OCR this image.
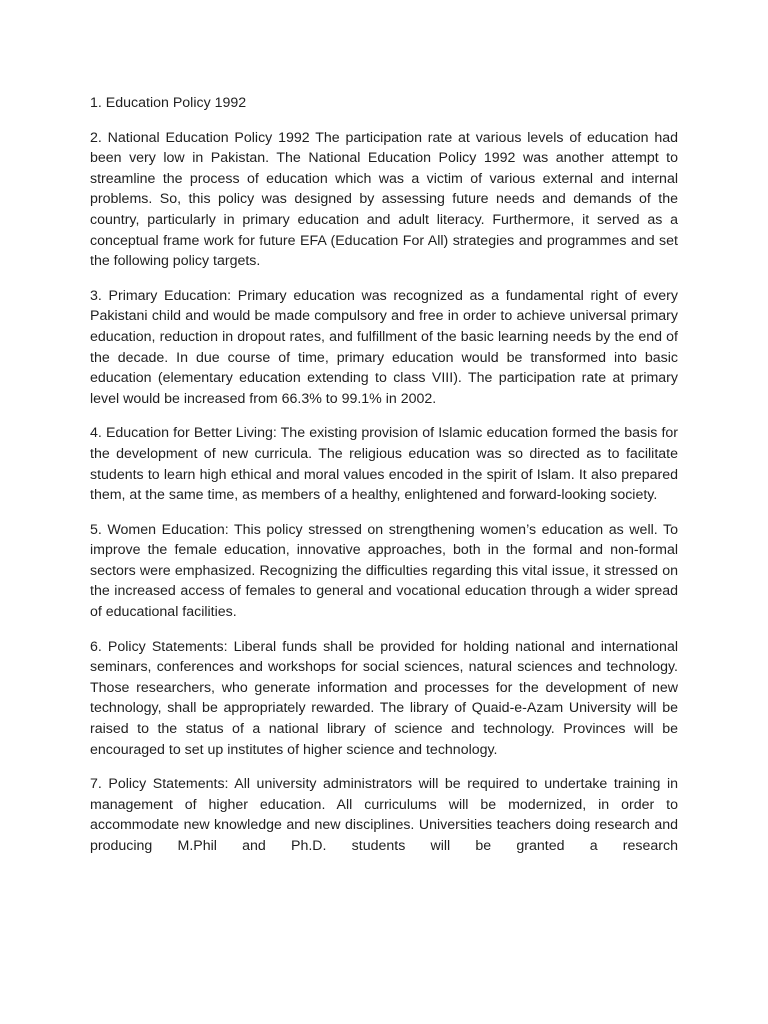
1. Education Policy 1992

2. National Education Policy 1992 The participation rate at various levels of education had been very low in Pakistan. The National Education Policy 1992 was another attempt to streamline the process of education which was a victim of various external and internal problems. So, this policy was designed by assessing future needs and demands of the country, particularly in primary education and adult literacy. Furthermore, it served as a conceptual frame work for future EFA (Education For All) strategies and programmes and set the following policy targets.

3. Primary Education: Primary education was recognized as a fundamental right of every Pakistani child and would be made compulsory and free in order to achieve universal primary education, reduction in dropout rates, and fulfillment of the basic learning needs by the end of the decade. In due course of time, primary education would be transformed into basic education (elementary education extending to class VIII). The participation rate at primary level would be increased from 66.3% to 99.1% in 2002.

4. Education for Better Living: The existing provision of Islamic education formed the basis for the development of new curricula. The religious education was so directed as to facilitate students to learn high ethical and moral values encoded in the spirit of Islam. It also prepared them, at the same time, as members of a healthy, enlightened and forward-looking society.

5. Women Education: This policy stressed on strengthening women’s education as well. To improve the female education, innovative approaches, both in the formal and non-formal sectors were emphasized. Recognizing the difficulties regarding this vital issue, it stressed on the increased access of females to general and vocational education through a wider spread of educational facilities.

6. Policy Statements: Liberal funds shall be provided for holding national and international seminars, conferences and workshops for social sciences, natural sciences and technology. Those researchers, who generate information and processes for the development of new technology, shall be appropriately rewarded. The library of Quaid-e-Azam University will be raised to the status of a national library of science and technology. Provinces will be encouraged to set up institutes of higher science and technology.

7. Policy Statements: All university administrators will be required to undertake training in management of higher education. All curriculums will be modernized, in order to accommodate new knowledge and new disciplines. Universities teachers doing research and producing M.Phil and Ph.D. students will be granted a research
